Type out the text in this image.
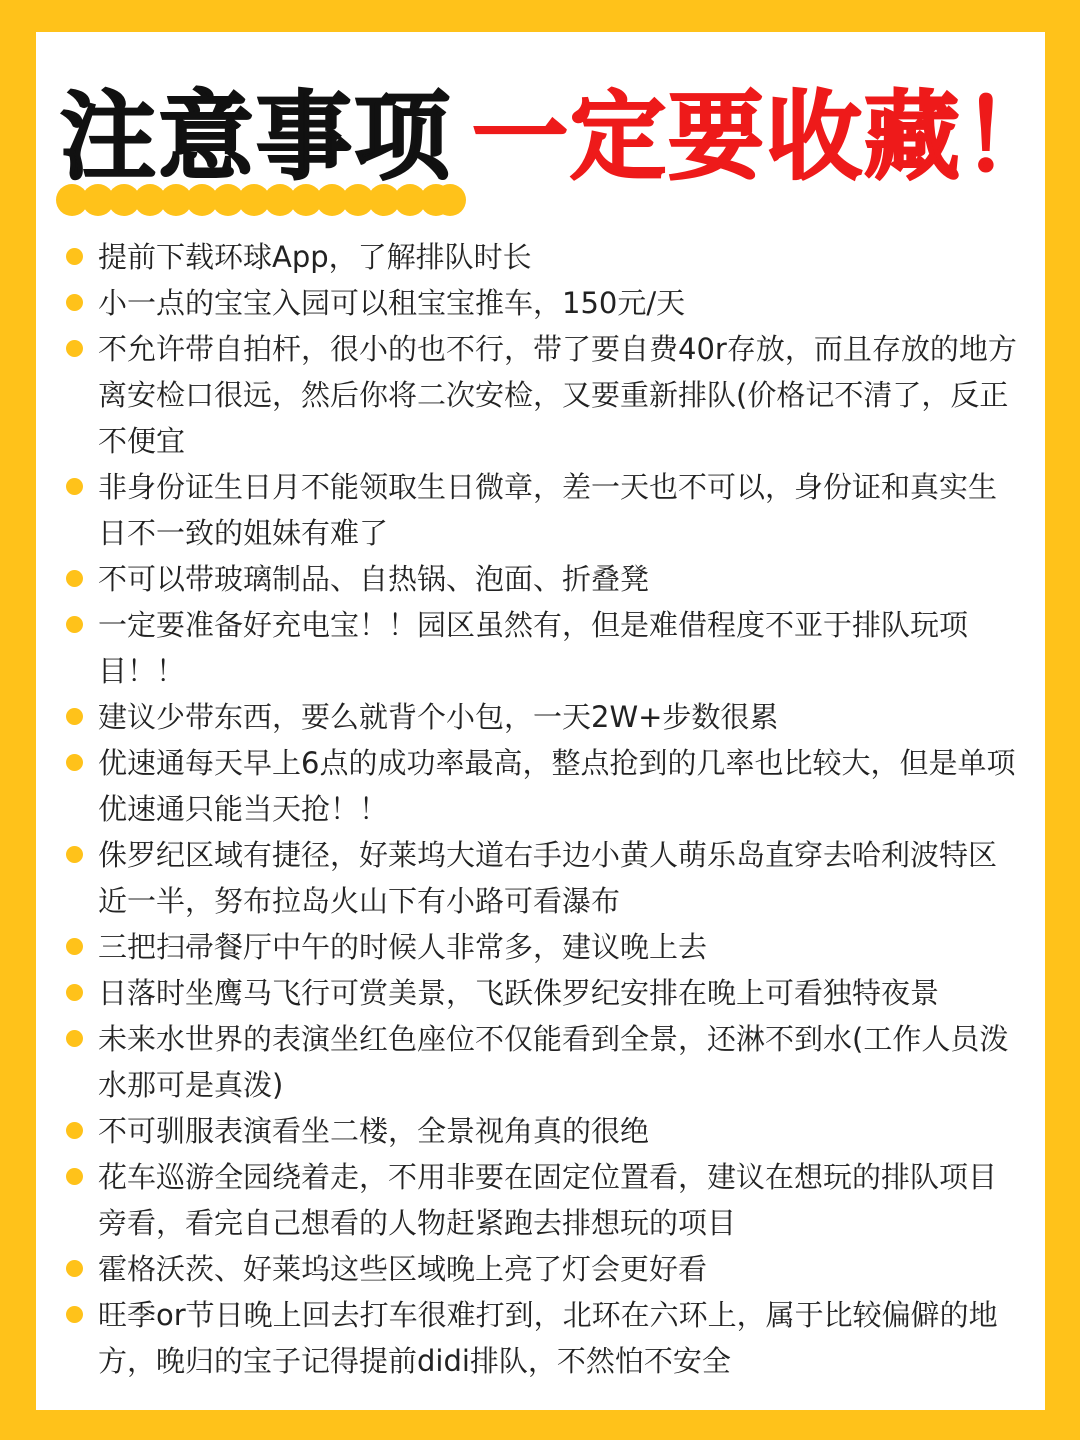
注意事项 一定要收藏！
提前下载环球App，了解排队时长
小一点的宝宝入园可以租宝宝推车，150元/天
不允许带自拍杆，很小的也不行，带了要自费40r存放，而且存放的地方离安检口很远，然后你将二次安检，又要重新排队(价格记不清了，反正不便宜
非身份证生日月不能领取生日微章，差一天也不可以，身份证和真实生日不一致的姐妹有难了
不可以带玻璃制品、自热锅、泡面、折叠凳
一定要准备好充电宝！！园区虽然有，但是难借程度不亚于排队玩项目！！
建议少带东西，要么就背个小包，一天2W+步数很累
优速通每天早上6点的成功率最高，整点抢到的几率也比较大，但是单项优速通只能当天抢！！
侏罗纪区域有捷径，好莱坞大道右手边小黄人萌乐岛直穿去哈利波特区近一半，努布拉岛火山下有小路可看瀑布
三把扫帚餐厅中午的时候人非常多，建议晚上去
日落时坐鹰马飞行可赏美景，飞跃侏罗纪安排在晚上可看独特夜景
未来水世界的表演坐红色座位不仅能看到全景，还淋不到水(工作人员泼水那可是真泼)
不可驯服表演看坐二楼，全景视角真的很绝
花车巡游全园绕着走，不用非要在固定位置看，建议在想玩的排队项目旁看，看完自己想看的人物赶紧跑去排想玩的项目
霍格沃茨、好莱坞这些区域晚上亮了灯会更好看
旺季or节日晚上回去打车很难打到，北环在六环上，属于比较偏僻的地方，晚归的宝子记得提前didi排队，不然怕不安全
